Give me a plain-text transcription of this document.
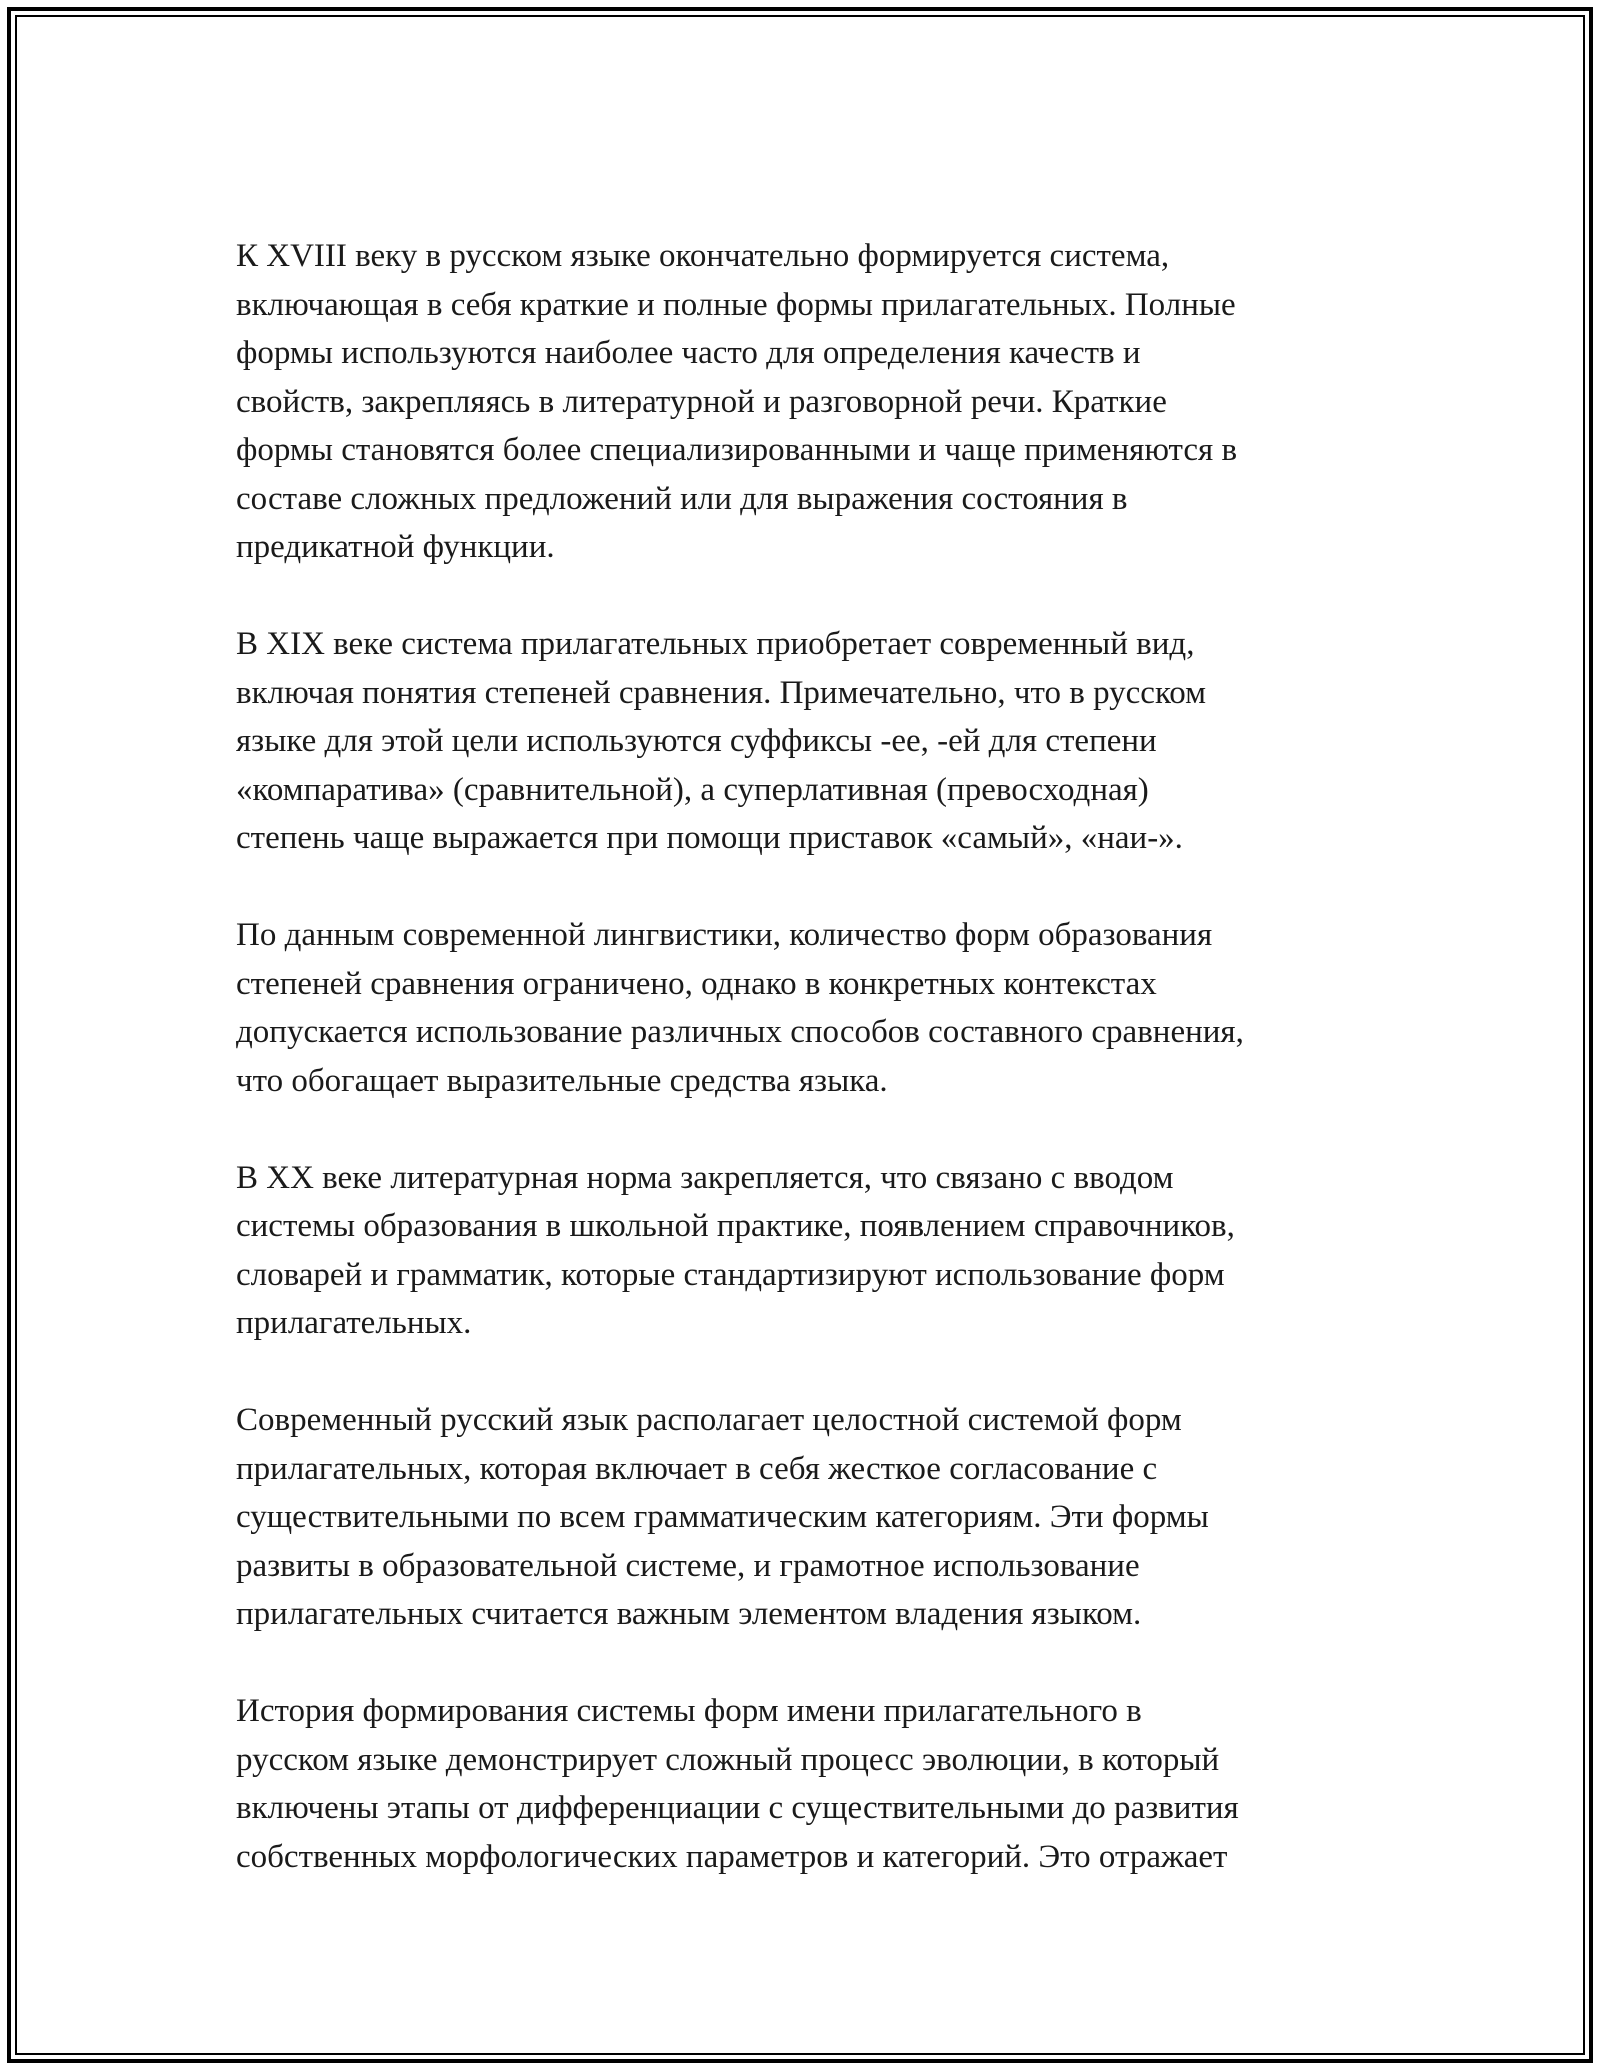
К XVIII веку в русском языке окончательно формируется система,
включающая в себя краткие и полные формы прилагательных. Полные
формы используются наиболее часто для определения качеств и
свойств, закрепляясь в литературной и разговорной речи. Краткие
формы становятся более специализированными и чаще применяются в
составе сложных предложений или для выражения состояния в
предикатной функции.

В XIX веке система прилагательных приобретает современный вид,
включая понятия степеней сравнения. Примечательно, что в русском
языке для этой цели используются суффиксы -ее, -ей для степени
«компаратива» (сравнительной), а суперлативная (превосходная)
степень чаще выражается при помощи приставок «самый», «наи-».

По данным современной лингвистики, количество форм образования
степеней сравнения ограничено, однако в конкретных контекстах
допускается использование различных способов составного сравнения,
что обогащает выразительные средства языка.

В XX веке литературная норма закрепляется, что связано с вводом
системы образования в школьной практике, появлением справочников,
словарей и грамматик, которые стандартизируют использование форм
прилагательных.

Современный русский язык располагает целостной системой форм
прилагательных, которая включает в себя жесткое согласование с
существительными по всем грамматическим категориям. Эти формы
развиты в образовательной системе, и грамотное использование
прилагательных считается важным элементом владения языком.

История формирования системы форм имени прилагательного в
русском языке демонстрирует сложный процесс эволюции, в который
включены этапы от дифференциации с существительными до развития
собственных морфологических параметров и категорий. Это отражает
